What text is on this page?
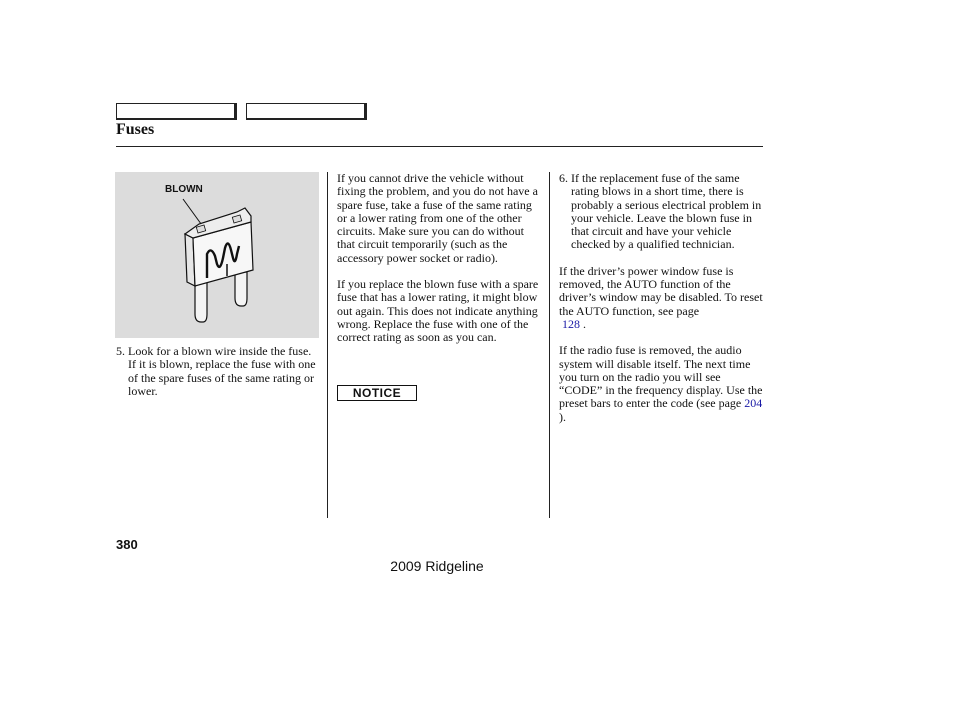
Fuses
BLOWN
5. Look for a blown wire inside the fuse. If it is blown, replace the fuse with one of the spare fuses of the same rating or lower.

If you cannot drive the vehicle without fixing the problem, and you do not have a spare fuse, take a fuse of the same rating or a lower rating from one of the other circuits. Make sure you can do without that circuit temporarily (such as the accessory power socket or radio).

If you replace the blown fuse with a spare fuse that has a lower rating, it might blow out again. This does not indicate anything wrong. Replace the fuse with one of the correct rating as soon as you can.

NOTICE
6. If the replacement fuse of the same rating blows in a short time, there is probably a serious electrical problem in your vehicle. Leave the blown fuse in that circuit and have your vehicle checked by a qualified technician.

If the driver’s power window fuse is removed, the AUTO function of the driver’s window may be disabled. To reset the AUTO function, see page
128 .

If the radio fuse is removed, the audio system will disable itself. The next time you turn on the radio you will see “CODE” in the frequency display. Use the preset bars to enter the code (see page 204 ).

380
2009 Ridgeline
